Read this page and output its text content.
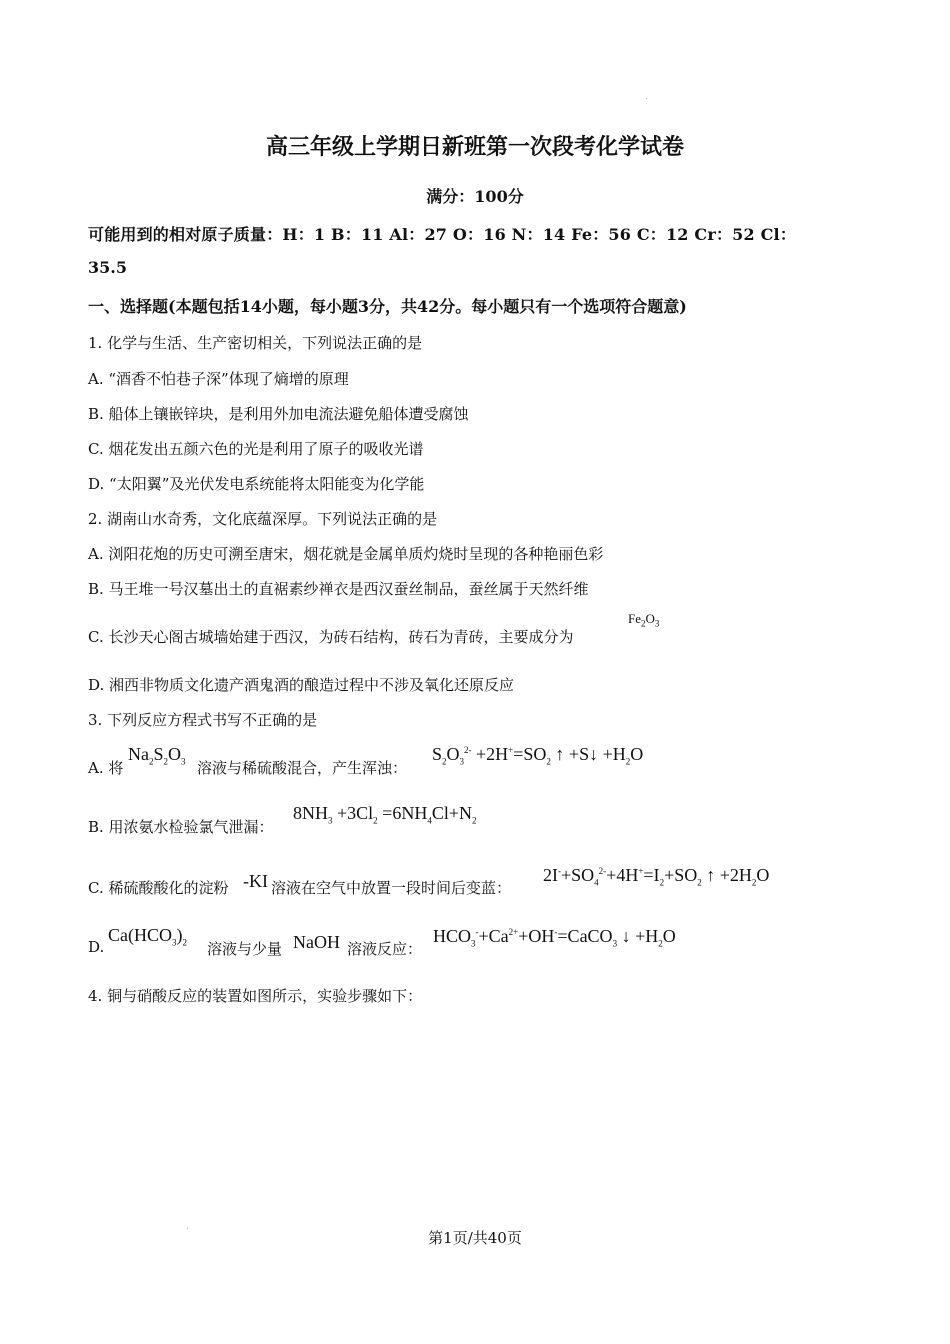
高三年级上学期日新班第一次段考化学试卷
满分：100分
可能用到的相对原子质量：H：1 B：11 Al：27 O：16 N：14 Fe：56 C：12 Cr：52 Cl：
35.5
一、选择题(本题包括14小题，每小题3分，共42分。每小题只有一个选项符合题意)
1. 化学与生活、生产密切相关，下列说法正确的是
A. “酒香不怕巷子深”体现了熵增的原理
B. 船体上镶嵌锌块，是利用外加电流法避免船体遭受腐蚀
C. 烟花发出五颜六色的光是利用了原子的吸收光谱
D. “太阳翼”及光伏发电系统能将太阳能变为化学能
2. 湖南山水奇秀，文化底蕴深厚。下列说法正确的是
A. 浏阳花炮的历史可溯至唐宋，烟花就是金属单质灼烧时呈现的各种艳丽色彩
B. 马王堆一号汉墓出土的直裾素纱禅衣是西汉蚕丝制品，蚕丝属于天然纤维
C. 长沙天心阁古城墙始建于西汉，为砖石结构，砖石为青砖，主要成分为
$Fe_2O_3$
D. 湘西非物质文化遗产酒鬼酒的酿造过程中不涉及氧化还原反应
3. 下列反应方程式书写不正确的是
A. 将
$Na_2S_2O_3$ 溶液与稀硫酸混合，产生浑浊：
$S_2O_3^{2-} +2H^+=SO_2$ ↑ +S↓ $+H_2O$
B. 用浓氨水检验氯气泄漏：
$8NH_3 +3Cl_2 =6NH_4Cl+N_2$
C. 稀硫酸酸化的淀粉 -KI 溶液在空气中放置一段时间后变蓝：
$2I^-+SO_4^{2-}+4H^+=I_2+SO_2$ ↑ $+2H_2O$
D.
$Ca(HCO_3)_2$ 溶液与少量 NaOH 溶液反应：
$HCO_3^-+Ca^{2+}+OH^-=CaCO_3$ ↓ $+H_2O$
4. 铜与硝酸反应的装置如图所示，实验步骤如下：
第1页/共40页
